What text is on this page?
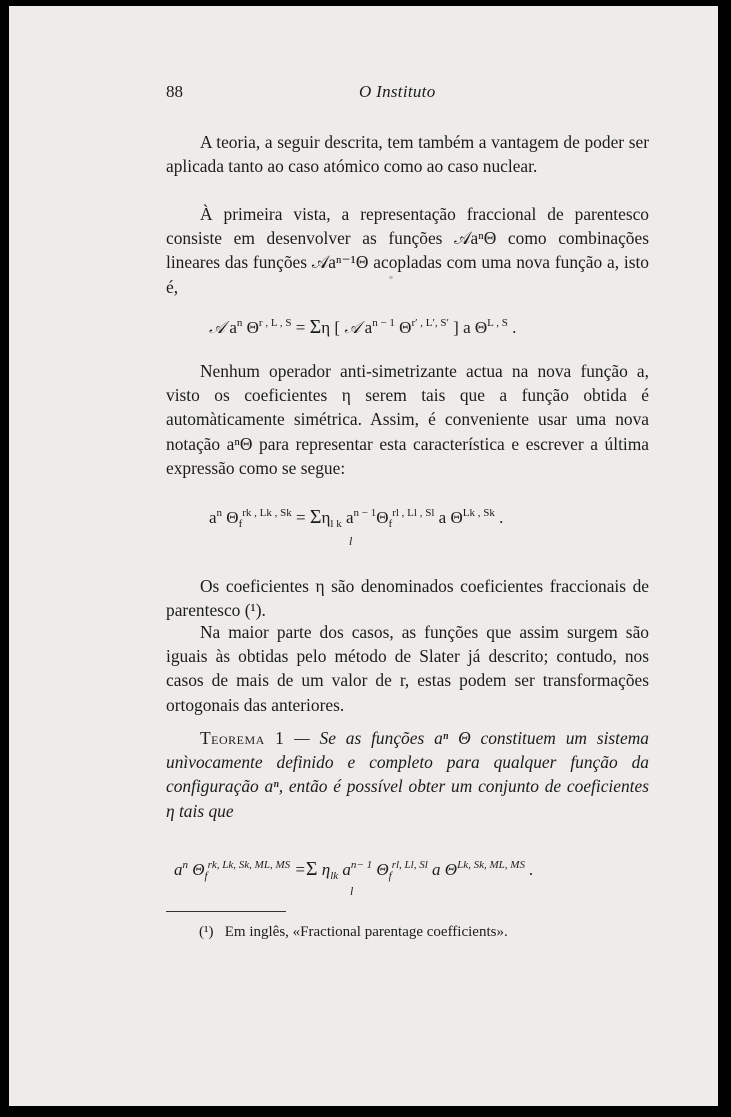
88	O Instituto
A teoria, a seguir descrita, tem também a vantagem de poder ser aplicada tanto ao caso atómico como ao caso nuclear.
À primeira vista, a representação fraccional de parentesco consiste em desenvolver as funções 𝒜aⁿΘ como combinações lineares das funções 𝒜aⁿ⁻¹Θ acopladas com uma nova função a, isto é,
𝒜 $a^n$ $\Theta^{r , L , S} = \Sigma\eta$ [ 𝒜 $a^{n - 1}$ $\Theta^{r' , L', S'}$ ] a $\Theta^{L , S}$ .
Nenhum operador anti-simetrizante actua na nova função a, visto os coeficientes η serem tais que a função obtida é automàticamente simétrica. Assim, é conveniente usar uma nova notação aⁿΘ para representar esta característica e escrever a última expressão como se segue:
$a^n$ $\Theta_f^{rk , Lk , Sk} = \Sigma\eta_{l k}$ $a^{n - 1}\Theta_f^{rl , Ll , Sl}$ a $\Theta^{Lk , Sk}$ .
l
Os coeficientes η são denominados coeficientes fraccionais de parentesco (¹).
Na maior parte dos casos, as funções que assim surgem são iguais às obtidas pelo método de Slater já descrito; contudo, nos casos de mais de um valor de r, estas podem ser transformações ortogonais das anteriores.
Teorema 1 — Se as funções aⁿ Θ constituem um sistema unìvocamente definido e completo para qualquer função da configuração aⁿ, então é possível obter um conjunto de coeficientes η tais que
$a^n$ $\Theta_f^{rk, Lk, Sk, ML, MS} =\Sigma$ $\eta_{lk}$ $a^{n- 1}$ $\Theta_f^{rl, Ll, Sl}$ a $\Theta^{Lk, Sk, ML, MS}$ .
l
(¹) Em inglês, «Fractional parentage coefficients».
